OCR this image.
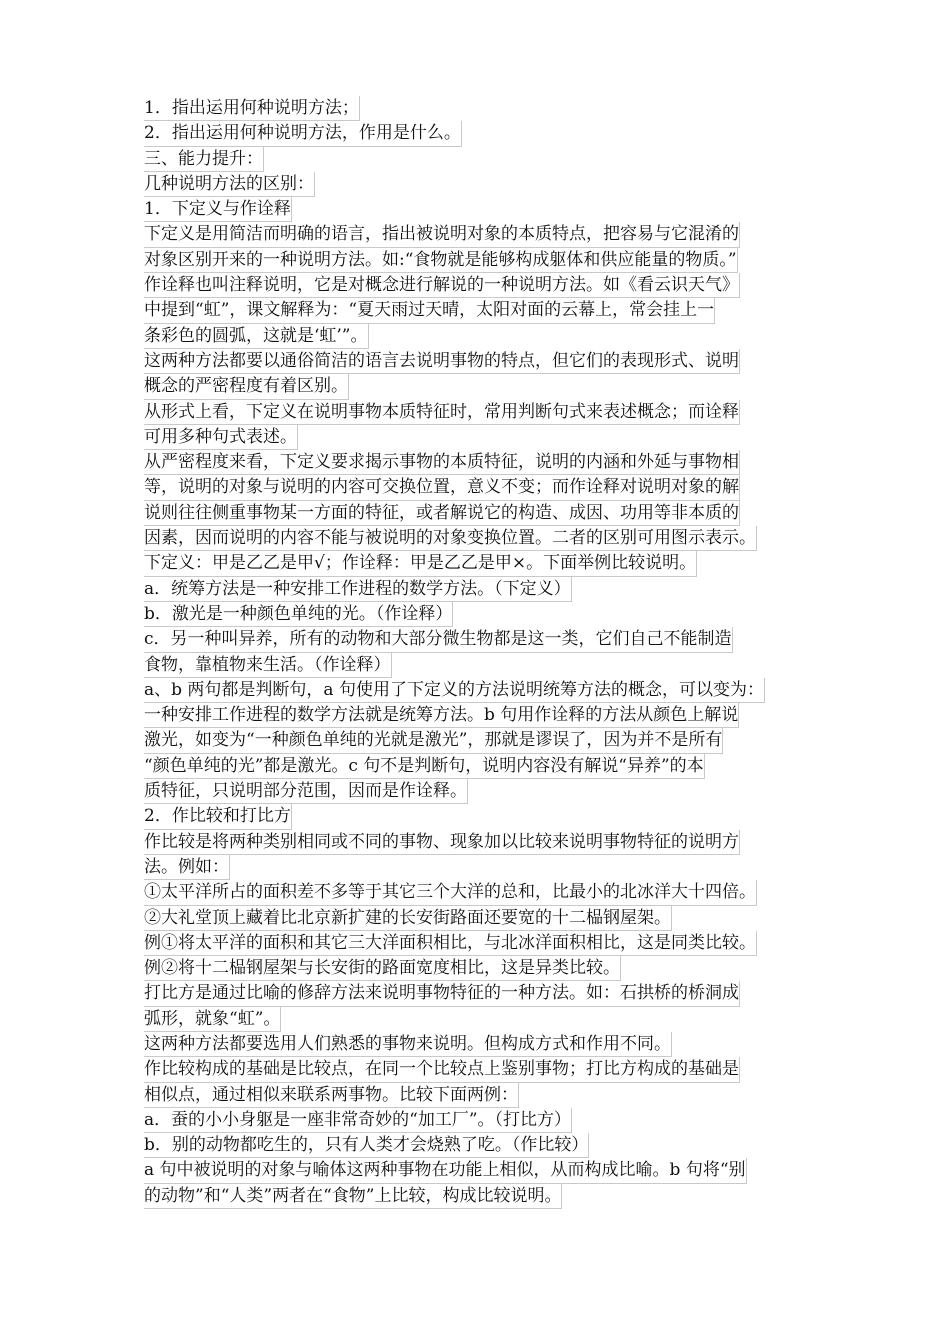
1．指出运用何种说明方法；
2．指出运用何种说明方法，作用是什么。
三、能力提升：
几种说明方法的区别：
1．下定义与作诠释
下定义是用简洁而明确的语言，指出被说明对象的本质特点，把容易与它混淆的
对象区别开来的一种说明方法。如:“食物就是能够构成躯体和供应能量的物质。”
作诠释也叫注释说明，它是对概念进行解说的一种说明方法。如《看云识天气》
中提到“虹”，课文解释为：“夏天雨过天晴，太阳对面的云幕上，常会挂上一
条彩色的圆弧，这就是‘虹’”。
这两种方法都要以通俗简洁的语言去说明事物的特点，但它们的表现形式、说明
概念的严密程度有着区别。
从形式上看，下定义在说明事物本质特征时，常用判断句式来表述概念；而诠释
可用多种句式表述。
从严密程度来看，下定义要求揭示事物的本质特征，说明的内涵和外延与事物相
等，说明的对象与说明的内容可交换位置，意义不变；而作诠释对说明对象的解
说则往往侧重事物某一方面的特征，或者解说它的构造、成因、功用等非本质的
因素，因而说明的内容不能与被说明的对象变换位置。二者的区别可用图示表示。
下定义：甲是乙乙是甲√；作诠释：甲是乙乙是甲×。下面举例比较说明。
a．统筹方法是一种安排工作进程的数学方法。（下定义）
b．激光是一种颜色单纯的光。（作诠释）
c．另一种叫异养，所有的动物和大部分微生物都是这一类，它们自己不能制造
食物，靠植物来生活。（作诠释）
a、b 两句都是判断句，a 句使用了下定义的方法说明统筹方法的概念，可以变为：
一种安排工作进程的数学方法就是统筹方法。b 句用作诠释的方法从颜色上解说
激光，如变为“一种颜色单纯的光就是激光”，那就是谬误了，因为并不是所有
“颜色单纯的光”都是激光。c 句不是判断句，说明内容没有解说“异养”的本
质特征，只说明部分范围，因而是作诠释。
2．作比较和打比方
作比较是将两种类别相同或不同的事物、现象加以比较来说明事物特征的说明方
法。例如：
①太平洋所占的面积差不多等于其它三个大洋的总和，比最小的北冰洋大十四倍。
②大礼堂顶上藏着比北京新扩建的长安街路面还要宽的十二榀钢屋架。
例①将太平洋的面积和其它三大洋面积相比，与北冰洋面积相比，这是同类比较。
例②将十二榀钢屋架与长安街的路面宽度相比，这是异类比较。
打比方是通过比喻的修辞方法来说明事物特征的一种方法。如：石拱桥的桥洞成
弧形，就象“虹”。
这两种方法都要选用人们熟悉的事物来说明。但构成方式和作用不同。
作比较构成的基础是比较点，在同一个比较点上鉴别事物；打比方构成的基础是
相似点，通过相似来联系两事物。比较下面两例：
a．蚕的小小身躯是一座非常奇妙的“加工厂”。（打比方）
b．别的动物都吃生的，只有人类才会烧熟了吃。（作比较）
a 句中被说明的对象与喻体这两种事物在功能上相似，从而构成比喻。b 句将“别
的动物”和“人类”两者在“食物”上比较，构成比较说明。
